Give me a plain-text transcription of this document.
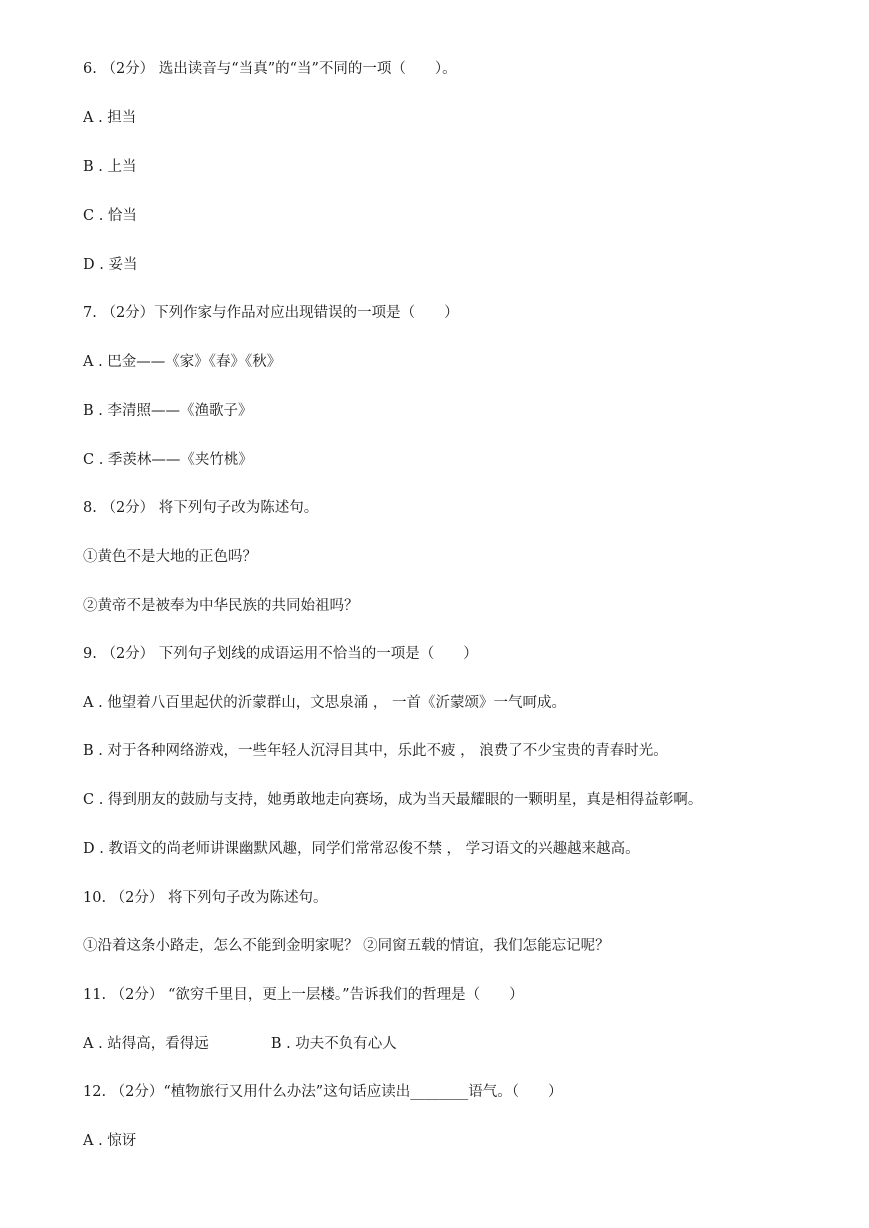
6. （2分） 选出读音与“当真”的“当”不同的一项（　　）。
A . 担当
B . 上当
C . 恰当
D . 妥当
7. （2分）下列作家与作品对应出现错误的一项是（　　）
A . 巴金——《家》《春》《秋》
B . 李清照——《渔歌子》
C . 季羡林——《夹竹桃》
8. （2分） 将下列句子改为陈述句。
①黄色不是大地的正色吗？
②黄帝不是被奉为中华民族的共同始祖吗？
9. （2分） 下列句子划线的成语运用不恰当的一项是（　　）
A . 他望着八百里起伏的沂蒙群山，文思泉涌 ， 一首《沂蒙颂》一气呵成。
B . 对于各种网络游戏，一些年轻人沉浔目其中，乐此不疲 ， 浪费了不少宝贵的青春时光。
C . 得到朋友的鼓励与支持，她勇敢地走向赛场，成为当天最耀眼的一颗明星，真是相得益彰啊。
D . 教语文的尚老师讲课幽默风趣，同学们常常忍俊不禁 ， 学习语文的兴趣越来越高。
10. （2分） 将下列句子改为陈述句。
①沿着这条小路走，怎么不能到金明家呢？ ②同窗五载的情谊，我们怎能忘记呢？
11. （2分） “欲穷千里目，更上一层楼。”告诉我们的哲理是（　　）
A . 站得高，看得远	B . 功夫不负有心人
12. （2分）“植物旅行又用什么办法”这句话应读出________语气。（　　）
A . 惊讶
